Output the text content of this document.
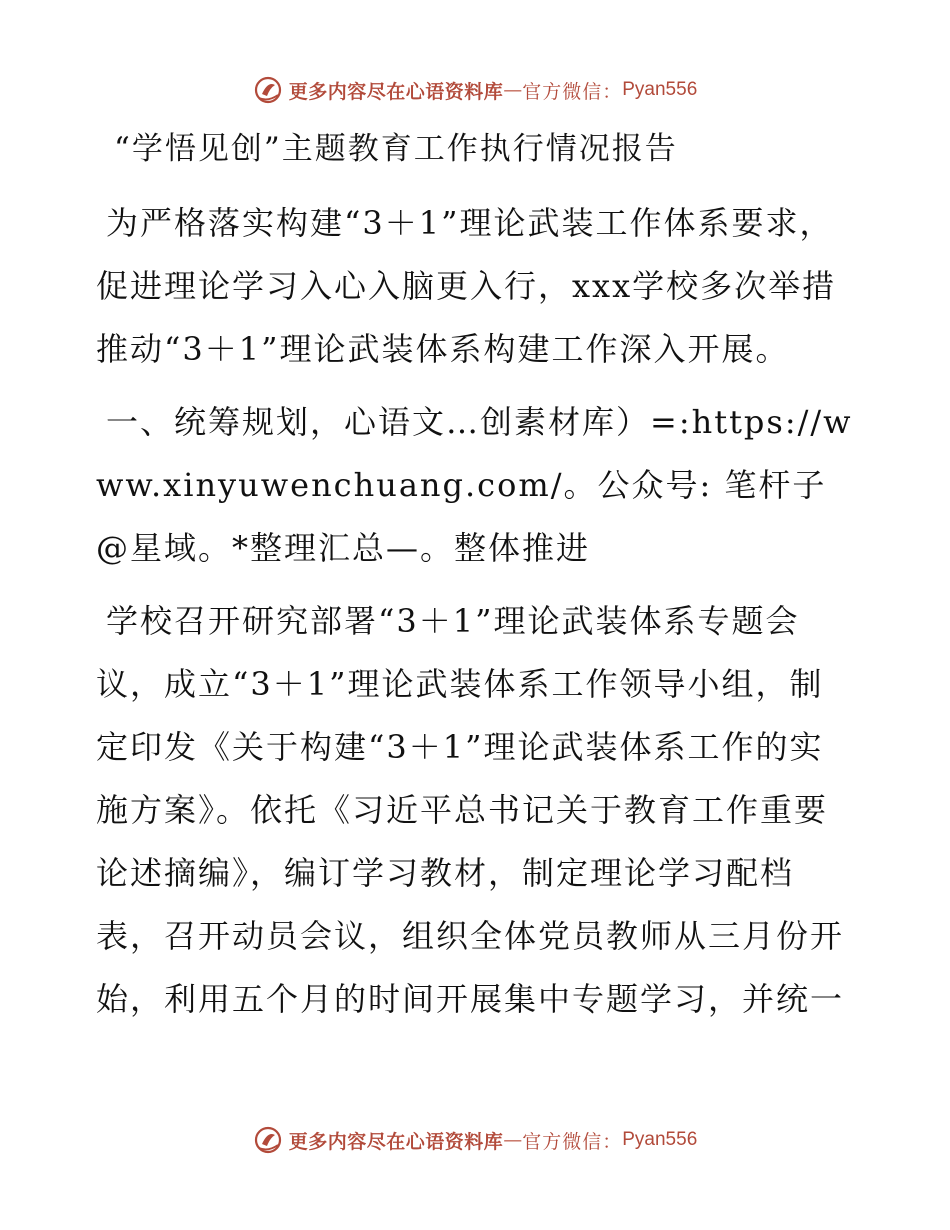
更多内容尽在心语资料库 — 官方微信： Pyan556
“学悟见创”主题教育工作执行情况报告

为严格落实构建“3＋1”理论武装工作体系要求，促进理论学习入心入脑更入行，xxx学校多次举措推动“3＋1”理论武装体系构建工作深入开展。

一、统筹规划，心语文…创素材库）=:https://www.xinyuwenchuang.com/。公众号: 笔杆子@星域。*整理汇总—。整体推进

学校召开研究部署“3＋1”理论武装体系专题会议，成立“3＋1”理论武装体系工作领导小组，制定印发《关于构建“3＋1”理论武装体系工作的实施方案》。依托《习近平总书记关于教育工作重要论述摘编》，编订学习教材，制定理论学习配档表，召开动员会议，组织全体党员教师从三月份开始，利用五个月的时间开展集中专题学习，并统一

更多内容尽在心语资料库 — 官方微信： Pyan556
